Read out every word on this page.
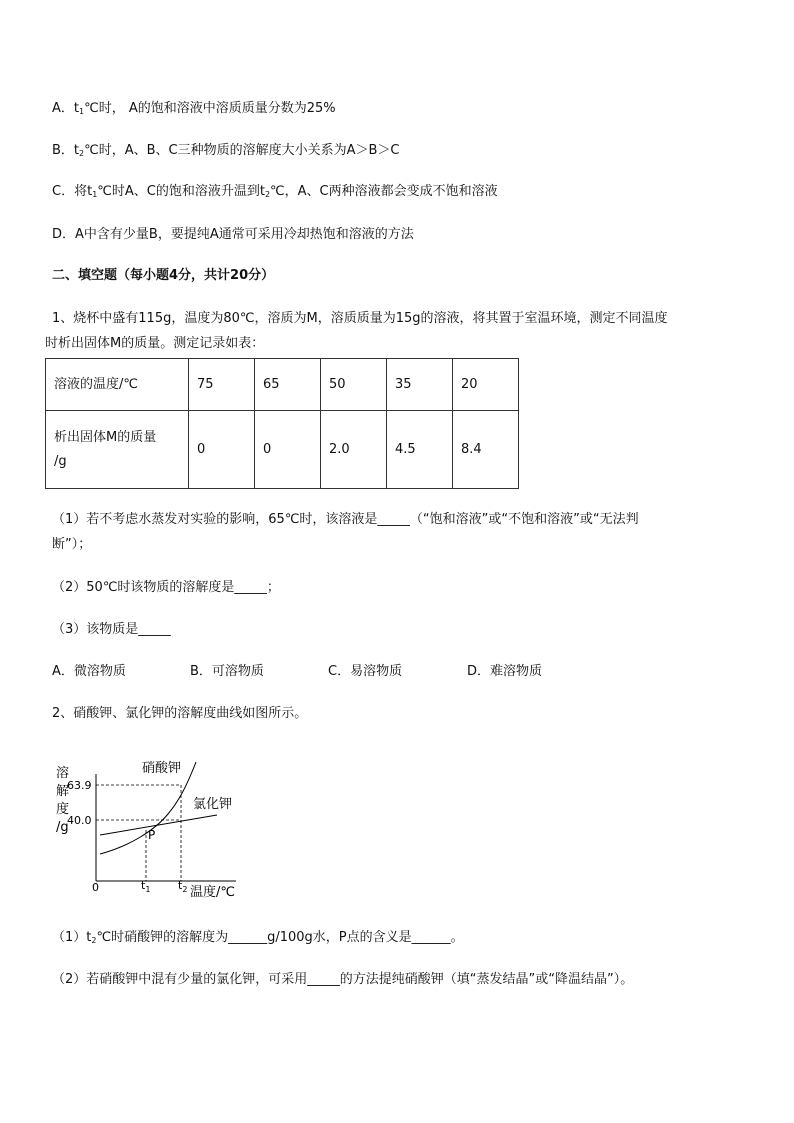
A．$t_1℃$时， A的饱和溶液中溶质质量分数为25%
B．$t_2℃$时，A、B、C三种物质的溶解度大小关系为A＞B＞C
C．将$t_1℃$时A、C的饱和溶液升温到$t_2℃$，A、C两种溶液都会变成不饱和溶液
D．A中含有少量B，要提纯A通常可采用冷却热饱和溶液的方法
二、填空题（每小题4分，共计20分）
1、烧杯中盛有115g，温度为80℃，溶质为M，溶质质量为15g的溶液，将其置于室温环境，测定不同温度
时析出固体M的质量。测定记录如表：
溶液的温度/℃	75	65	50	35	20
析出固体M的质量
/g	0	0	2.0	4.5	8.4
（1）若不考虑水蒸发对实验的影响，65℃时，该溶液是_____（“饱和溶液”或“不饱和溶液”或“无法判
断”）；
（2）50℃时该物质的溶解度是_____；
（3）该物质是_____
A．微溶物质	B．可溶物质	C．易溶物质	D．难溶物质
2、硝酸钾、氯化钾的溶解度曲线如图所示。
溶
解
度
/g
63.9
40.0
0	$t_1$	$t_2$ 温度/℃
硝酸钾
氯化钾
P
$(1)t_2℃$时硝酸钾的溶解度为______g/100g水，P点的含义是______。
（2）若硝酸钾中混有少量的氯化钾，可采用_____的方法提纯硝酸钾（填“蒸发结晶”或“降温结晶”）。
